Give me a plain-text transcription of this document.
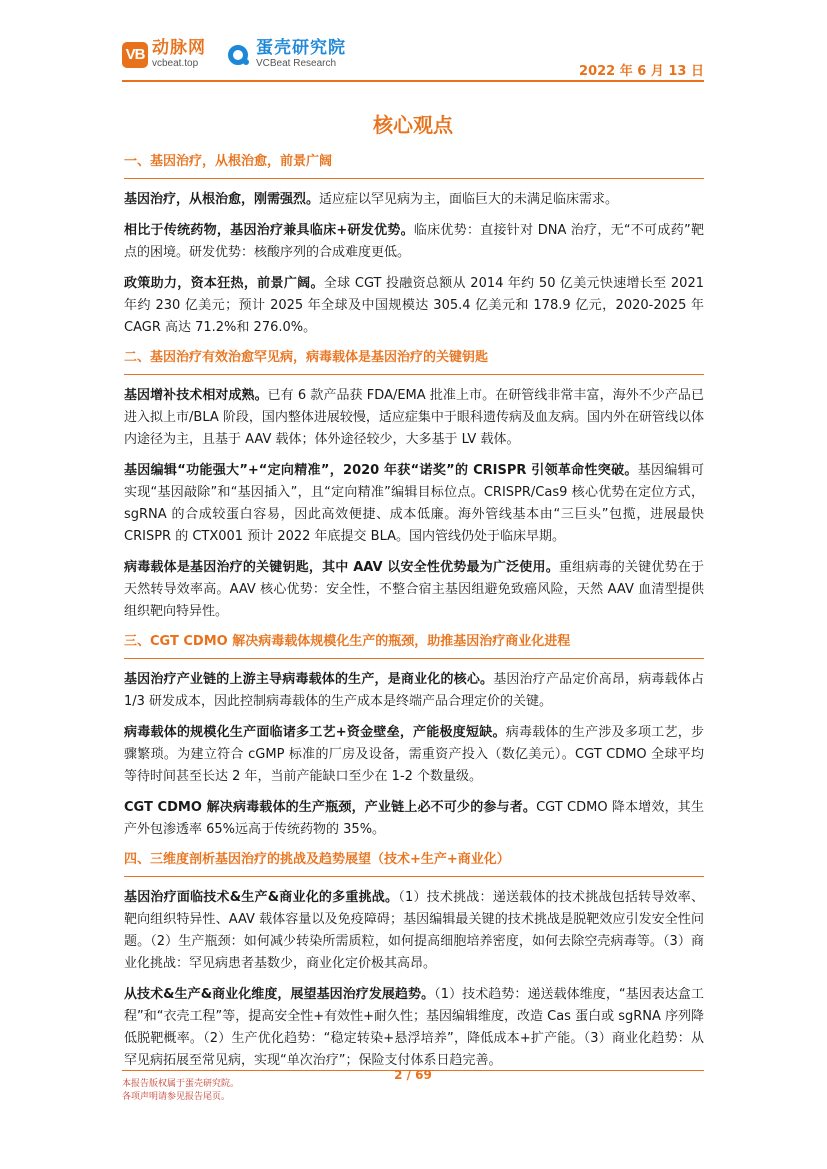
VB 动脉网
vcbeat.top
蛋壳研究院
VCBeat Research
2022 年 6 月 13 日
核心观点
一、基因治疗，从根治愈，前景广阔

基因治疗，从根治愈，刚需强烈。适应症以罕见病为主，面临巨大的未满足临床需求。

相比于传统药物，基因治疗兼具临床+研发优势。临床优势：直接针对 DNA 治疗，无“不可成药”靶点的困境。研发优势：核酸序列的合成难度更低。

政策助力，资本狂热，前景广阔。全球 CGT 投融资总额从 2014 年约 50 亿美元快速增长至 2021 年约 230 亿美元；预计 2025 年全球及中国规模达 305.4 亿美元和 178.9 亿元，2020-2025 年 CAGR 高达 71.2%和 276.0%。

二、基因治疗有效治愈罕见病，病毒载体是基因治疗的关键钥匙

基因增补技术相对成熟。已有 6 款产品获 FDA/EMA 批准上市。在研管线非常丰富，海外不少产品已进入拟上市/BLA 阶段，国内整体进展较慢，适应症集中于眼科遗传病及血友病。国内外在研管线以体内途径为主，且基于 AAV 载体；体外途径较少，大多基于 LV 载体。

基因编辑“功能强大”+“定向精准”，2020 年获“诺奖”的 CRISPR 引领革命性突破。基因编辑可实现“基因敲除”和“基因插入”，且“定向精准”编辑目标位点。CRISPR/Cas9 核心优势在定位方式，sgRNA 的合成较蛋白容易，因此高效便捷、成本低廉。海外管线基本由“三巨头”包揽，进展最快 CRISPR 的 CTX001 预计 2022 年底提交 BLA。国内管线仍处于临床早期。

病毒载体是基因治疗的关键钥匙，其中 AAV 以安全性优势最为广泛使用。重组病毒的关键优势在于天然转导效率高。AAV 核心优势：安全性，不整合宿主基因组避免致癌风险，天然 AAV 血清型提供组织靶向特异性。

三、CGT CDMO 解决病毒载体规模化生产的瓶颈，助推基因治疗商业化进程

基因治疗产业链的上游主导病毒载体的生产，是商业化的核心。基因治疗产品定价高昂，病毒载体占 1/3 研发成本，因此控制病毒载体的生产成本是终端产品合理定价的关键。

病毒载体的规模化生产面临诸多工艺+资金壁垒，产能极度短缺。病毒载体的生产涉及多项工艺，步骤繁琐。为建立符合 cGMP 标准的厂房及设备，需重资产投入（数亿美元）。CGT CDMO 全球平均等待时间甚至长达 2 年，当前产能缺口至少在 1-2 个数量级。

CGT CDMO 解决病毒载体的生产瓶颈，产业链上必不可少的参与者。CGT CDMO 降本增效，其生产外包渗透率 65%远高于传统药物的 35%。

四、三维度剖析基因治疗的挑战及趋势展望（技术+生产+商业化）

基因治疗面临技术&生产&商业化的多重挑战。（1）技术挑战：递送载体的技术挑战包括转导效率、靶向组织特异性、AAV 载体容量以及免疫障碍；基因编辑最关键的技术挑战是脱靶效应引发安全性问题。（2）生产瓶颈：如何减少转染所需质粒，如何提高细胞培养密度，如何去除空壳病毒等。（3）商业化挑战：罕见病患者基数少，商业化定价极其高昂。

从技术&生产&商业化维度，展望基因治疗发展趋势。（1）技术趋势：递送载体维度，“基因表达盒工程”和“衣壳工程”等，提高安全性+有效性+耐久性；基因编辑维度，改造 Cas 蛋白或 sgRNA 序列降低脱靶概率。（2）生产优化趋势：“稳定转染+悬浮培养”，降低成本+扩产能。（3）商业化趋势：从罕见病拓展至常见病，实现“单次治疗”；保险支付体系日趋完善。

2 / 69
本报告版权属于蛋壳研究院。
各项声明请参见报告尾页。
